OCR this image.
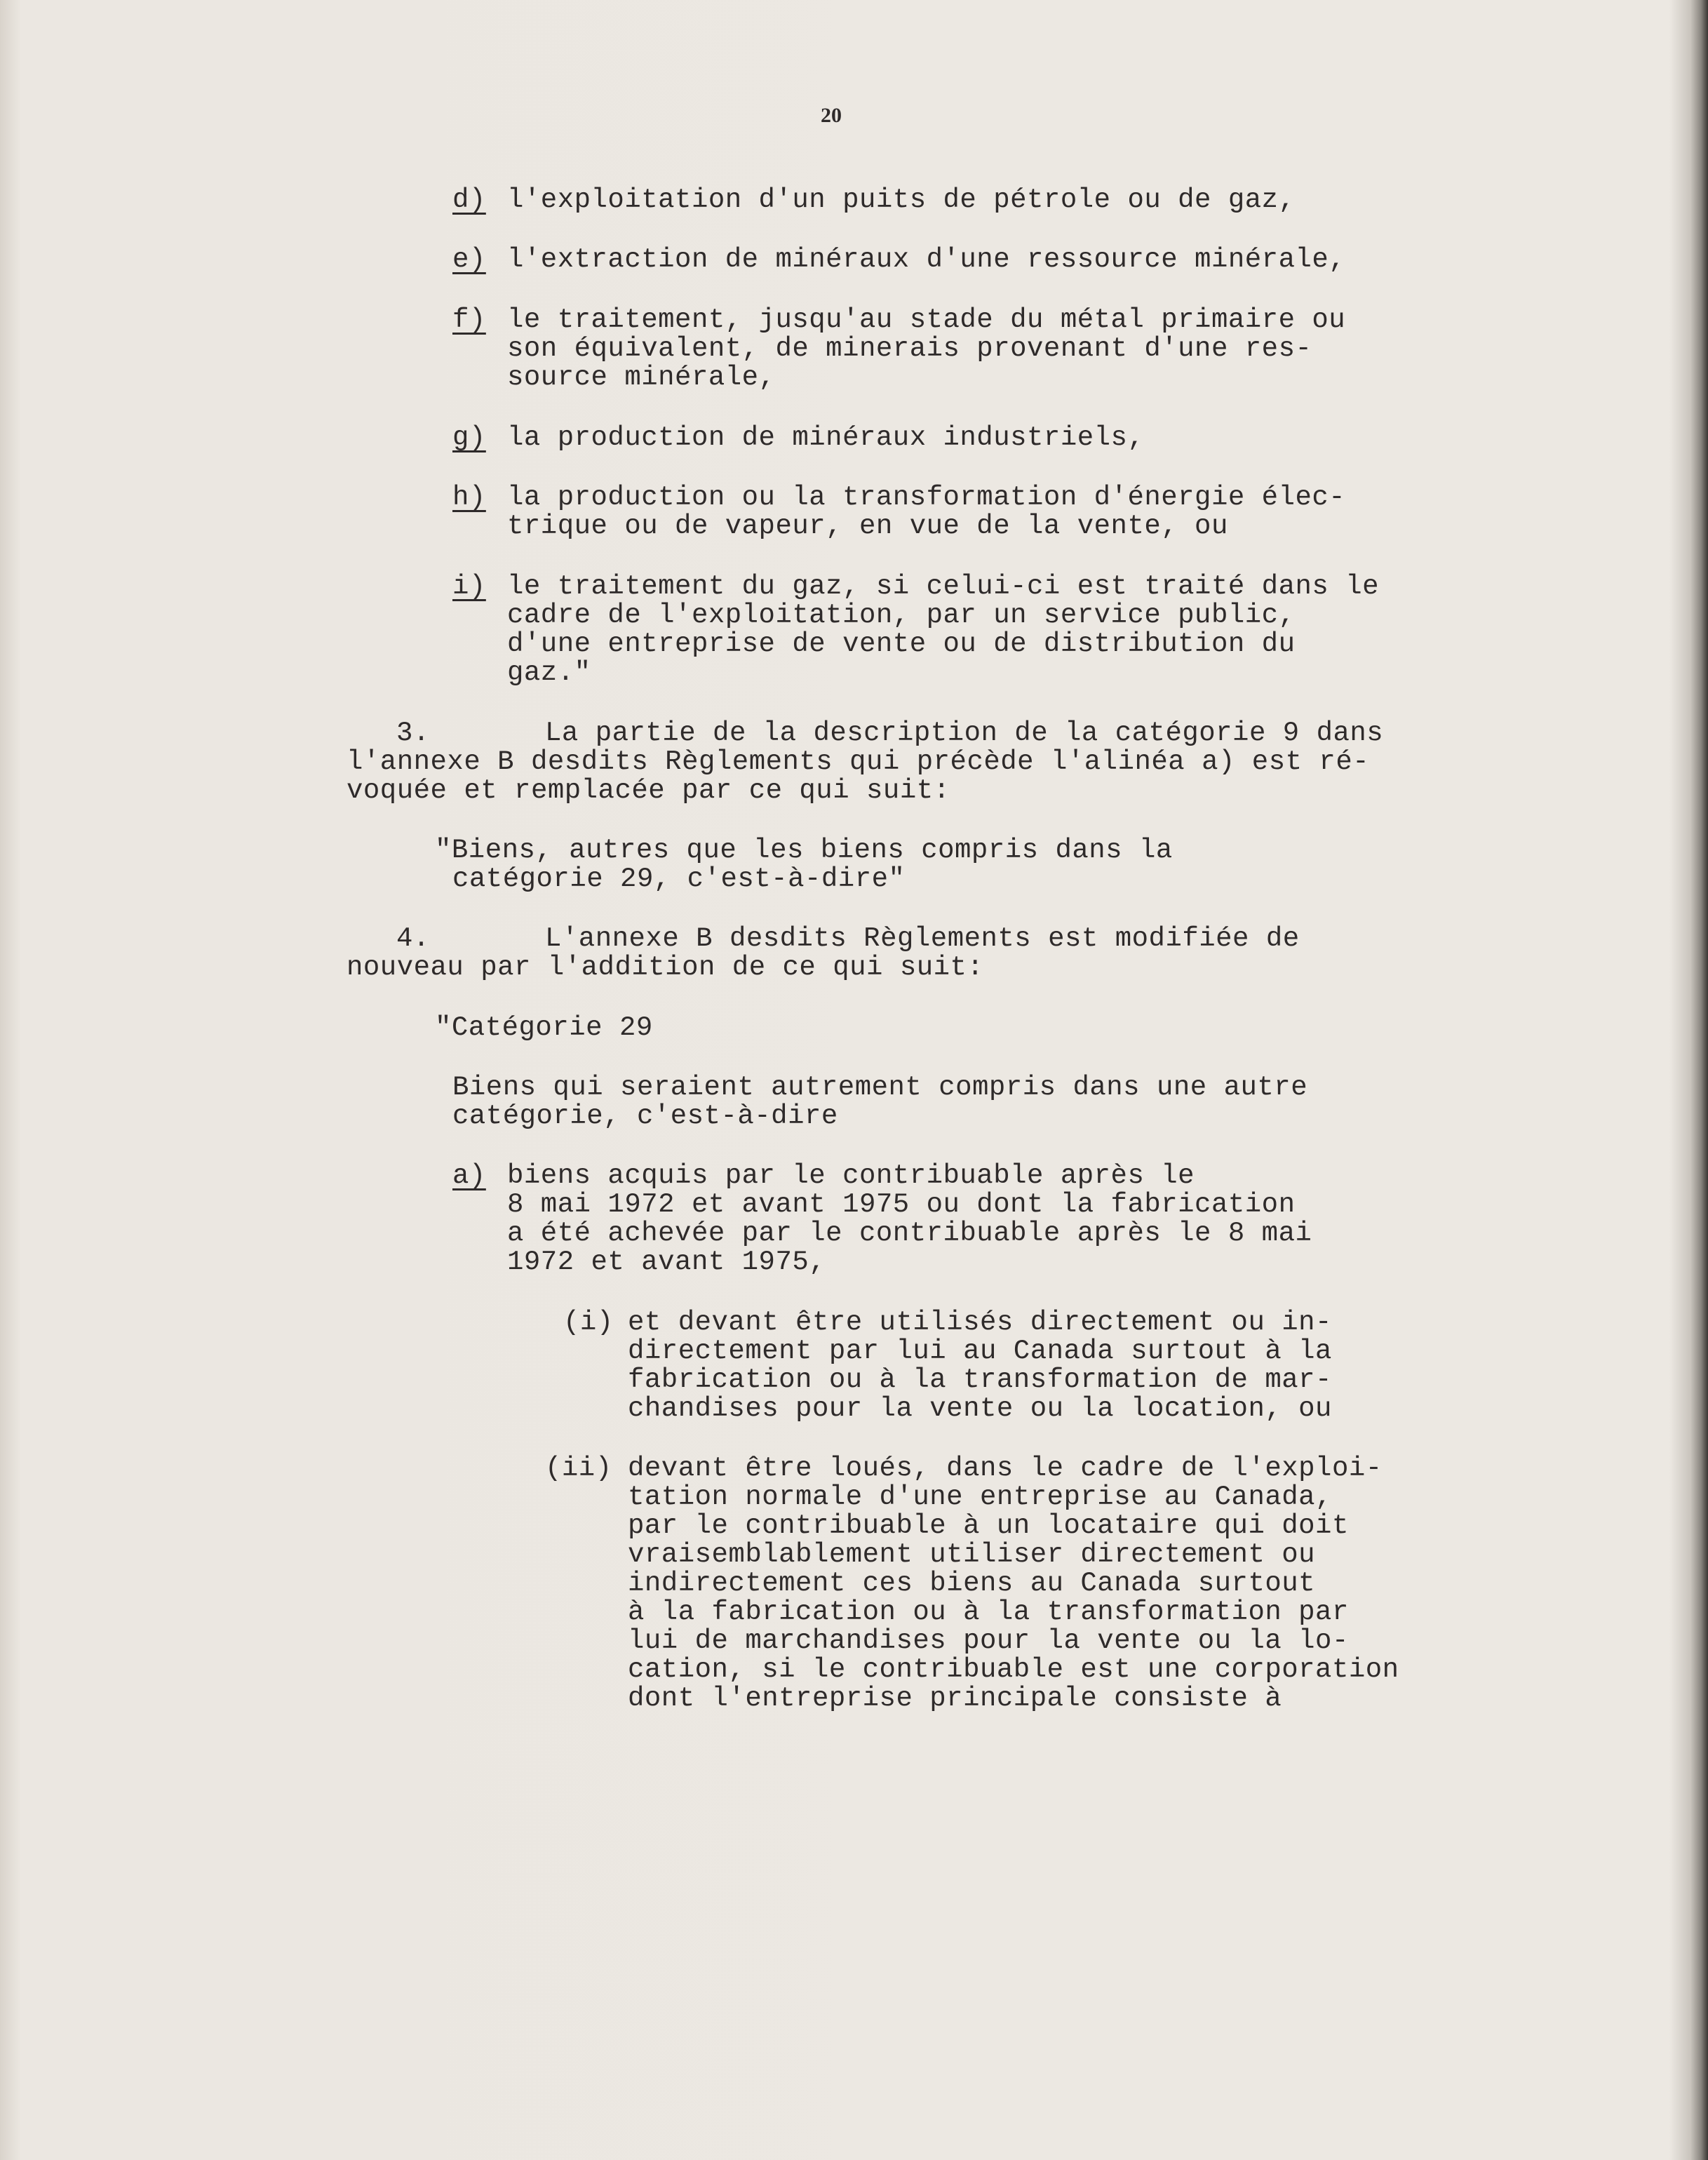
20
d) l'exploitation d'un puits de pétrole ou de gaz,
e) l'extraction de minéraux d'une ressource minérale,
f) le traitement, jusqu'au stade du métal primaire ou
son équivalent, de minerais provenant d'une res-
source minérale,
g) la production de minéraux industriels,
h) la production ou la transformation d'énergie élec-
trique ou de vapeur, en vue de la vente, ou
i) le traitement du gaz, si celui-ci est traité dans le
cadre de l'exploitation, par un service public,
d'une entreprise de vente ou de distribution du
gaz."
3.	La partie de la description de la catégorie 9 dans
l'annexe B desdits Règlements qui précède l'alinéa a) est ré-
voquée et remplacée par ce qui suit:
"Biens, autres que les biens compris dans la
catégorie 29, c'est-à-dire"
4.	L'annexe B desdits Règlements est modifiée de
nouveau par l'addition de ce qui suit:
"Catégorie 29
Biens qui seraient autrement compris dans une autre
catégorie, c'est-à-dire
a) biens acquis par le contribuable après le
8 mai 1972 et avant 1975 ou dont la fabrication
a été achevée par le contribuable après le 8 mai
1972 et avant 1975,
(i) et devant être utilisés directement ou in-
directement par lui au Canada surtout à la
fabrication ou à la transformation de mar-
chandises pour la vente ou la location, ou
(ii) devant être loués, dans le cadre de l'exploi-
tation normale d'une entreprise au Canada,
par le contribuable à un locataire qui doit
vraisemblablement utiliser directement ou
indirectement ces biens au Canada surtout
à la fabrication ou à la transformation par
lui de marchandises pour la vente ou la lo-
cation, si le contribuable est une corporation
dont l'entreprise principale consiste à
